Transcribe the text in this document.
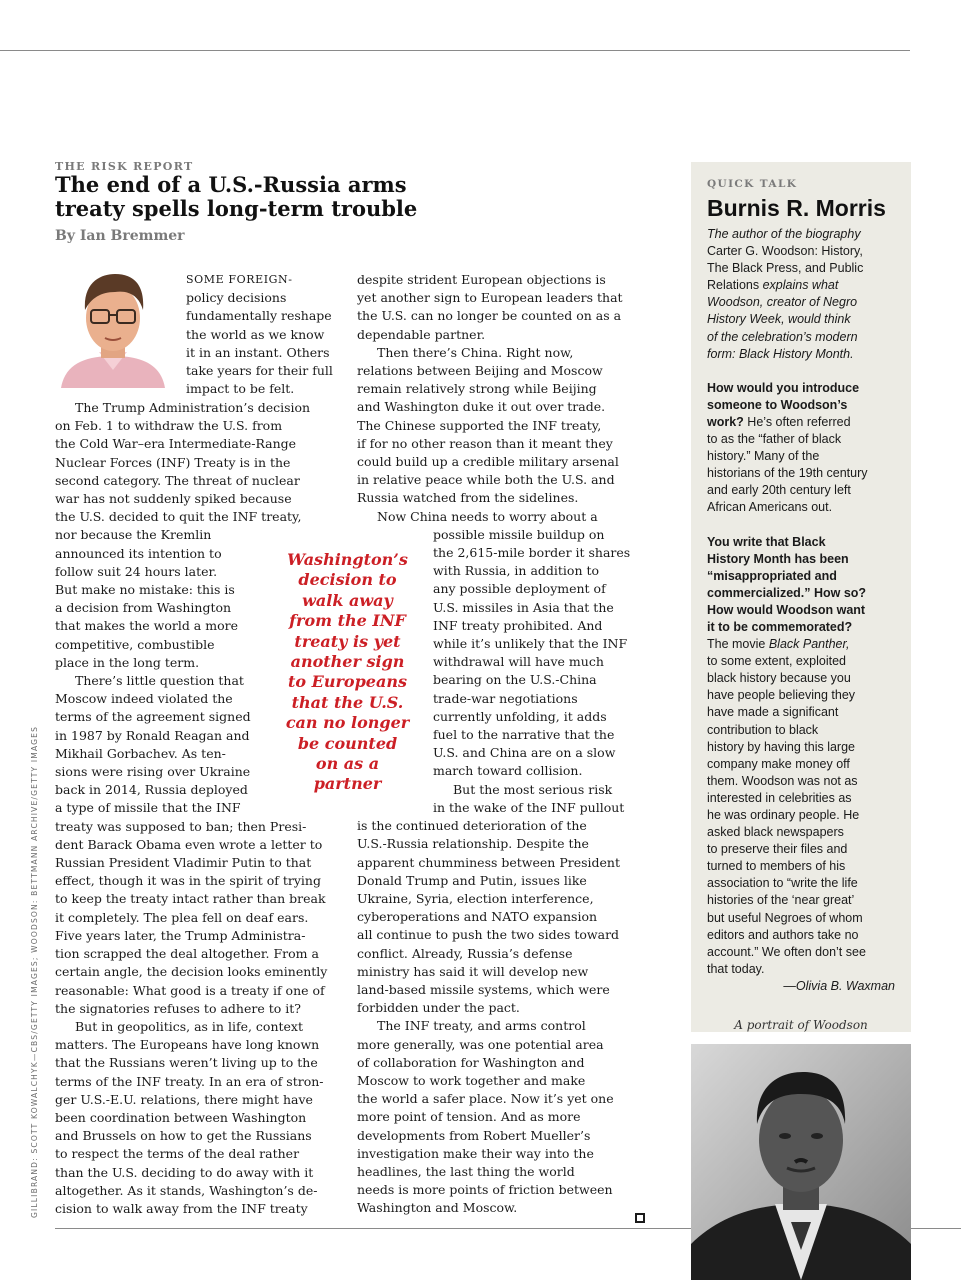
GILLIBRAND: SCOTT KOWALCHYK—CBS/GETTY IMAGES; WOODSON: BETTMANN ARCHIVE/GETTY IMAGES
THE RISK REPORT
The end of a U.S.-Russia arms
treaty spells long-term trouble
By Ian Bremmer
SOME FOREIGN-
policy decisions
fundamentally reshape
the world as we know
it in an instant. Others
take years for their full
impact to be felt.
The Trump Administration’s decision
on Feb. 1 to withdraw the U.S. from
the Cold War–era Intermediate-Range
Nuclear Forces (INF) Treaty is in the
second category. The threat of nuclear
war has not suddenly spiked because
the U.S. decided to quit the INF treaty,
nor because the Kremlin
announced its intention to
follow suit 24 hours later.
But make no mistake: this is
a decision from Washington
that makes the world a more
competitive, combustible
place in the long term.
There’s little question that
Moscow indeed violated the
terms of the agreement signed
in 1987 by Ronald Reagan and
Mikhail Gorbachev. As ten-
sions were rising over Ukraine
back in 2014, Russia deployed
a type of missile that the INF
treaty was supposed to ban; then Presi-
dent Barack Obama even wrote a letter to
Russian President Vladimir Putin to that
effect, though it was in the spirit of trying
to keep the treaty intact rather than break
it completely. The plea fell on deaf ears.
Five years later, the Trump Administra-
tion scrapped the deal altogether. From a
certain angle, the decision looks eminently
reasonable: What good is a treaty if one of
the signatories refuses to adhere to it?
But in geopolitics, as in life, context
matters. The Europeans have long known
that the Russians weren’t living up to the
terms of the INF treaty. In an era of stron-
ger U.S.-E.U. relations, there might have
been coordination between Washington
and Brussels on how to get the Russians
to respect the terms of the deal rather
than the U.S. deciding to do away with it
altogether. As it stands, Washington’s de-
cision to walk away from the INF treaty
despite strident European objections is
yet another sign to European leaders that
the U.S. can no longer be counted on as a
dependable partner.
Then there’s China. Right now,
relations between Beijing and Moscow
remain relatively strong while Beijing
and Washington duke it out over trade.
The Chinese supported the INF treaty,
if for no other reason than it meant they
could build up a credible military arsenal
in relative peace while both the U.S. and
Russia watched from the sidelines.
Now China needs to worry about a
possible missile buildup on
the 2,615-mile border it shares
with Russia, in addition to
any possible deployment of
U.S. missiles in Asia that the
INF treaty prohibited. And
while it’s unlikely that the INF
withdrawal will have much
bearing on the U.S.-China
trade-war negotiations
currently unfolding, it adds
fuel to the narrative that the
U.S. and China are on a slow
march toward collision.
But the most serious risk
in the wake of the INF pullout
is the continued deterioration of the
U.S.-Russia relationship. Despite the
apparent chumminess between President
Donald Trump and Putin, issues like
Ukraine, Syria, election interference,
cyberoperations and NATO expansion
all continue to push the two sides toward
conflict. Already, Russia’s defense
ministry has said it will develop new
land-based missile systems, which were
forbidden under the pact.
The INF treaty, and arms control
more generally, was one potential area
of collaboration for Washington and
Moscow to work together and make
the world a safer place. Now it’s yet one
more point of tension. And as more
developments from Robert Mueller’s
investigation make their way into the
headlines, the last thing the world
needs is more points of friction between
Washington and Moscow.
Washington’s
decision to
walk away
from the INF
treaty is yet
another sign
to Europeans
that the U.S.
can no longer
be counted
on as a
partner
QUICK TALK
Burnis R. Morris
The author of the biography
Carter G. Woodson: History,
The Black Press, and Public
Relations explains what
Woodson, creator of Negro
History Week, would think
of the celebration’s modern
form: Black History Month.
How would you introduce
someone to Woodson’s
work? He’s often referred
to as the “father of black
history.” Many of the
historians of the 19th century
and early 20th century left
African Americans out.
You write that Black
History Month has been
“misappropriated and
commercialized.” How so?
How would Woodson want
it to be commemorated?
The movie Black Panther,
to some extent, exploited
black history because you
have people believing they
have made a significant
contribution to black
history by having this large
company make money off
them. Woodson was not as
interested in celebrities as
he was ordinary people. He
asked black newspapers
to preserve their files and
turned to members of his
association to “write the life
histories of the ‘near great’
but useful Negroes of whom
editors and authors take no
account.” We often don’t see
that today.
—Olivia B. Waxman
A portrait of Woodson
